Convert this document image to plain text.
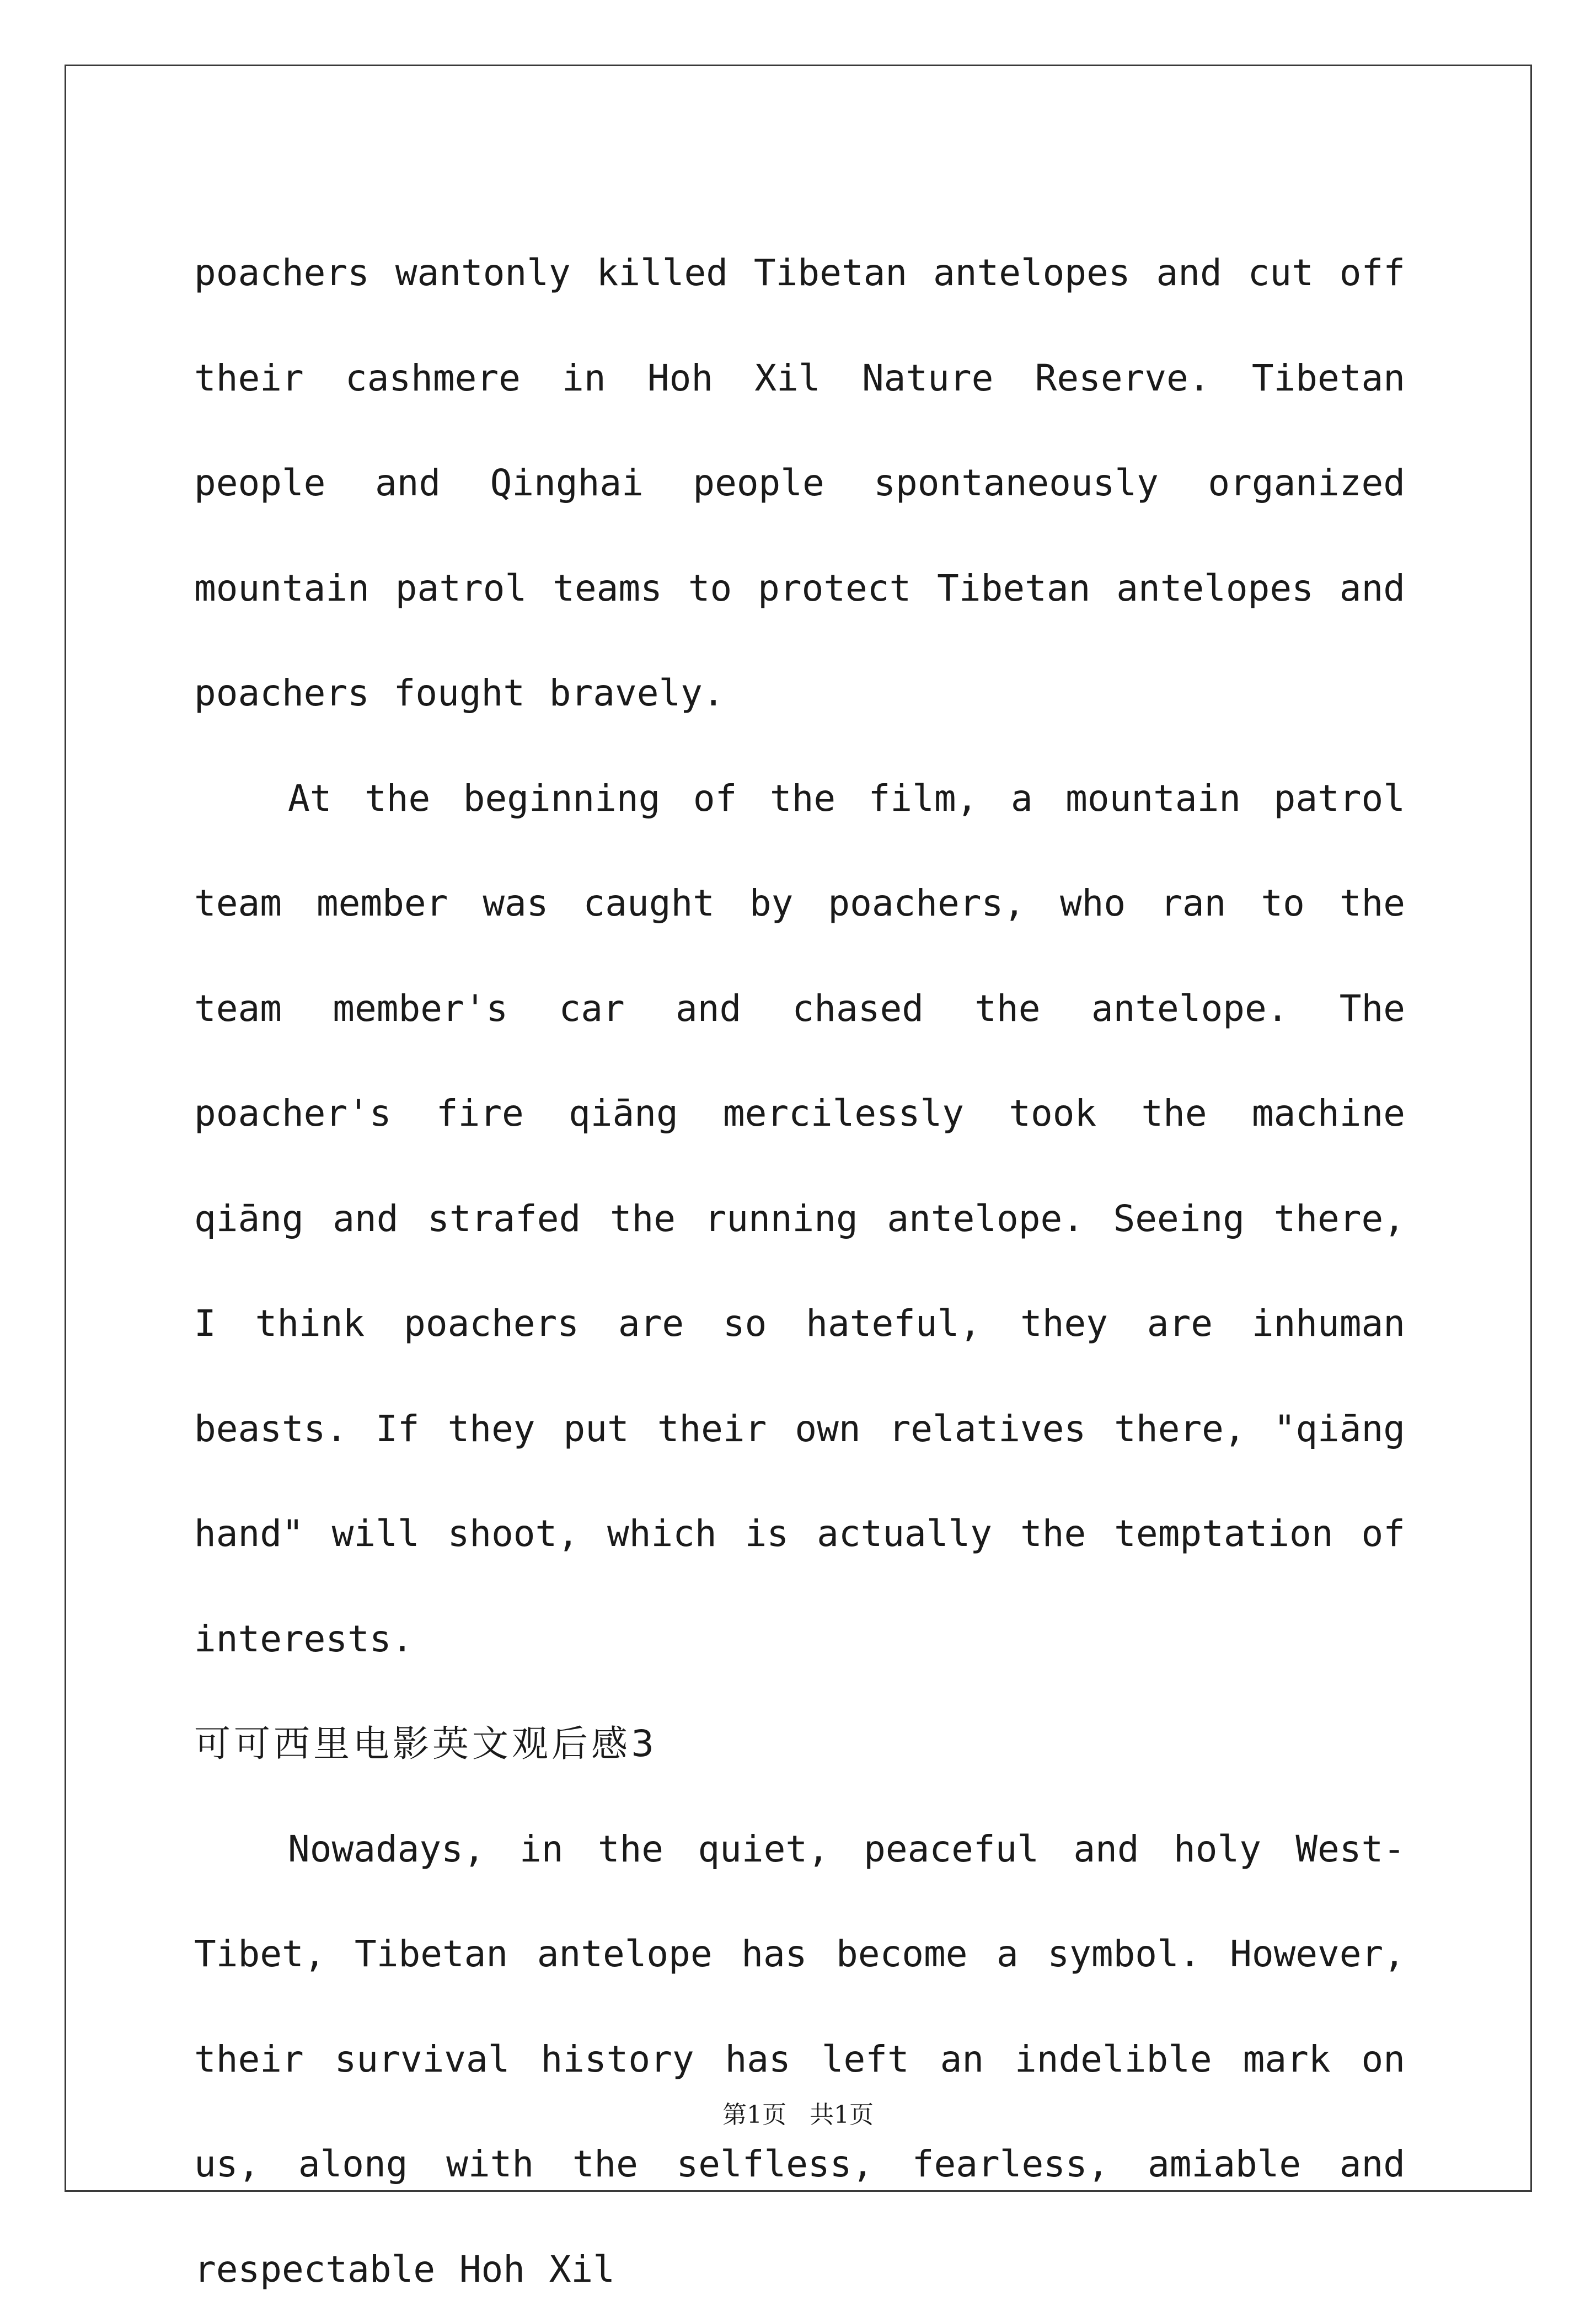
poachers wantonly killed Tibetan antelopes and cut off their cashmere in Hoh Xil Nature Reserve. Tibetan people and Qinghai people spontaneously organized mountain patrol teams to protect Tibetan antelopes and poachers fought bravely.

At the beginning of the film, a mountain patrol team member was caught by poachers, who ran to the team member's car and chased the antelope. The poacher's fire qiāng mercilessly took the machine qiāng and strafed the running antelope. Seeing there, I think poachers are so hateful, they are inhuman beasts. If they put their own relatives there, "qiāng hand" will shoot, which is actually the temptation of interests.

可可西里电影英文观后感3

Nowadays, in the quiet, peaceful and holy West-Tibet, Tibetan antelope has become a symbol. However, their survival history has left an indelible mark on us, along with the selfless, fearless, amiable and respectable Hoh Xil

第1页   共1页
